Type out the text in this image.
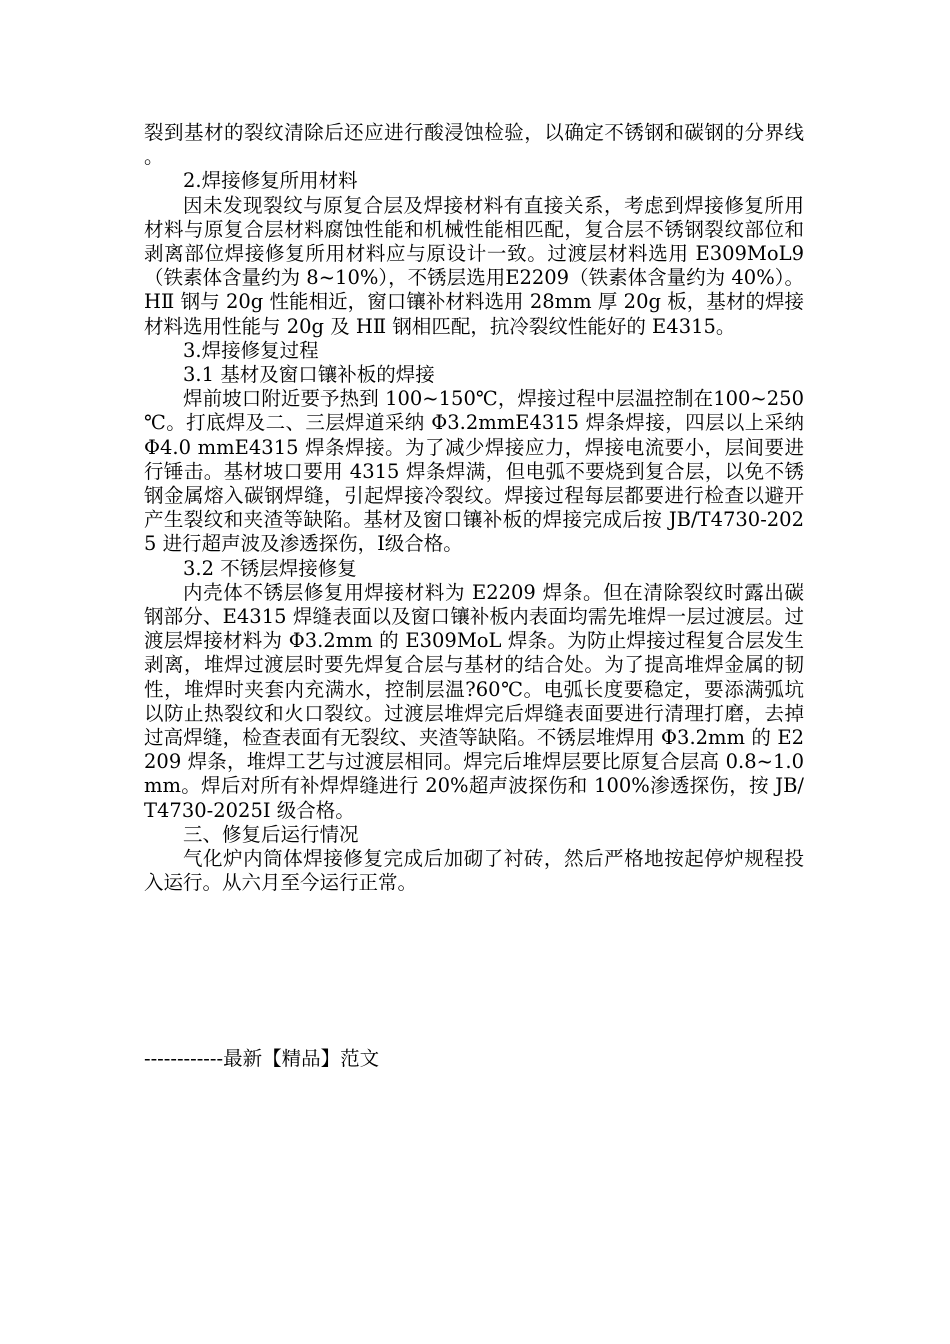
裂到基材的裂纹清除后还应进行酸浸蚀检验，以确定不锈钢和碳钢的分界线。

2.焊接修复所用材料

因未发现裂纹与原复合层及焊接材料有直接关系，考虑到焊接修复所用材料与原复合层材料腐蚀性能和机械性能相匹配，复合层不锈钢裂纹部位和剥离部位焊接修复所用材料应与原设计一致。过渡层材料选用 E309MoL9（铁素体含量约为 8~10%），不锈层选用E2209（铁素体含量约为 40%）。HⅡ 钢与 20g 性能相近，窗口镶补材料选用 28mm 厚 20g 板，基材的焊接材料选用性能与 20g 及 HⅡ 钢相匹配，抗冷裂纹性能好的 E4315。

3.焊接修复过程

3.1 基材及窗口镶补板的焊接

焊前坡口附近要予热到 100~150℃，焊接过程中层温控制在100~250℃。打底焊及二、三层焊道采纳 Φ3.2mmE4315 焊条焊接，四层以上采纳 Φ4.0 mmE4315 焊条焊接。为了减少焊接应力，焊接电流要小，层间要进行锤击。基材坡口要用 4315 焊条焊满，但电弧不要烧到复合层，以免不锈钢金属熔入碳钢焊缝，引起焊接冷裂纹。焊接过程每层都要进行检查以避开产生裂纹和夹渣等缺陷。基材及窗口镶补板的焊接完成后按 JB/T4730-2025 进行超声波及渗透探伤，Ⅰ级合格。

3.2 不锈层焊接修复

内壳体不锈层修复用焊接材料为 E2209 焊条。但在清除裂纹时露出碳钢部分、E4315 焊缝表面以及窗口镶补板内表面均需先堆焊一层过渡层。过渡层焊接材料为 Φ3.2mm 的 E309MoL 焊条。为防止焊接过程复合层发生剥离，堆焊过渡层时要先焊复合层与基材的结合处。为了提高堆焊金属的韧性，堆焊时夹套内充满水，控制层温?60℃。电弧长度要稳定，要添满弧坑以防止热裂纹和火口裂纹。过渡层堆焊完后焊缝表面要进行清理打磨，去掉过高焊缝，检查表面有无裂纹、夹渣等缺陷。不锈层堆焊用 Φ3.2mm 的 E2209 焊条，堆焊工艺与过渡层相同。焊完后堆焊层要比原复合层高 0.8~1.0mm。焊后对所有补焊焊缝进行 20%超声波探伤和 100%渗透探伤，按 JB/T4730-2025Ⅰ 级合格。

三、修复后运行情况

气化炉内筒体焊接修复完成后加砌了衬砖，然后严格地按起停炉规程投入运行。从六月至今运行正常。

------------最新【精品】范文
